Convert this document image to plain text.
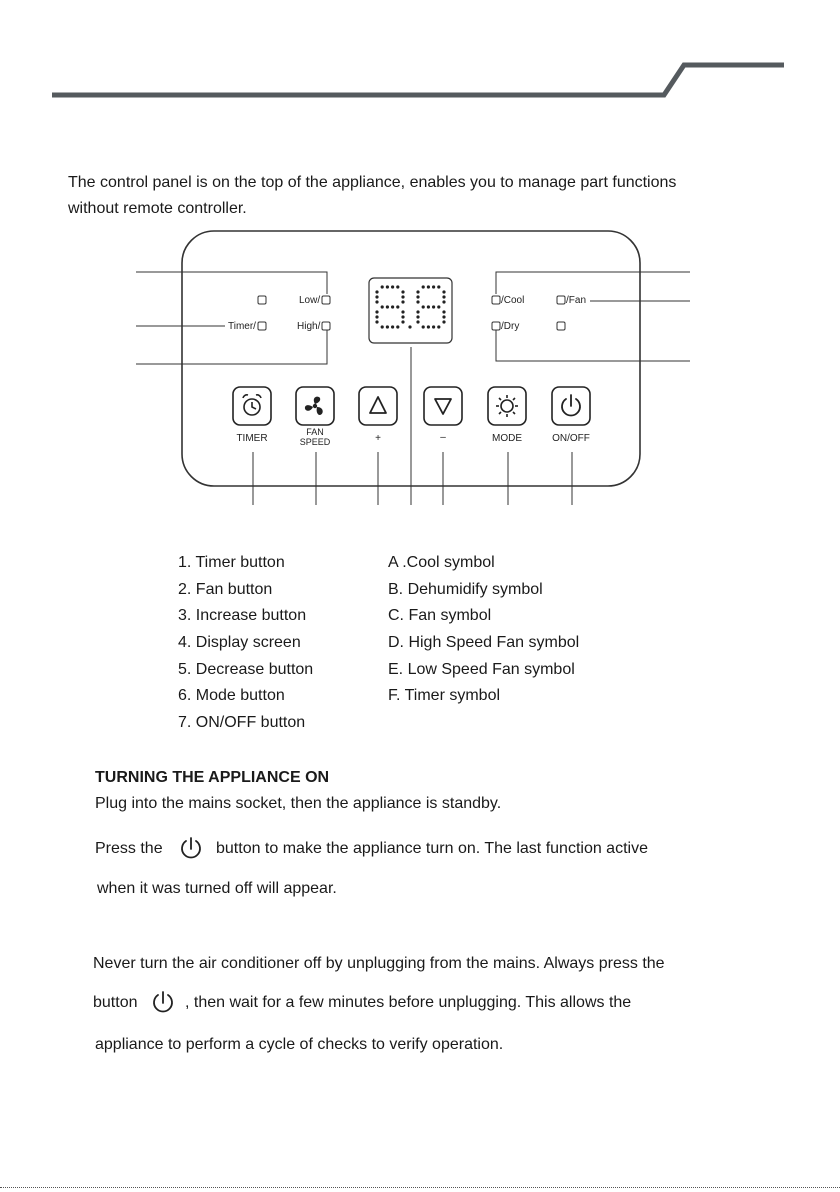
The control panel is on the top of the appliance, enables you to manage part functions
without remote controller.
Low/
High/
Timer/
/Cool
/Dry
/Fan
TIMER
FAN
SPEED	+	–	MODE	ON/OFF
1. Timer button
2. Fan button
3. Increase button
4. Display screen
5. Decrease button
6. Mode button
7. ON/OFF button
A .Cool symbol
B. Dehumidify symbol
C. Fan symbol
D. High Speed Fan symbol
E. Low Speed Fan symbol
F. Timer symbol
TURNING THE APPLIANCE ON
Plug into the mains socket, then the appliance is standby.
Press the	button to make the appliance turn on. The last function active
when it was turned off will appear.
Never turn the air conditioner off by unplugging from the mains. Always press the
button	, then wait for a few minutes before unplugging. This allows the
appliance to perform a cycle of checks to verify operation.
